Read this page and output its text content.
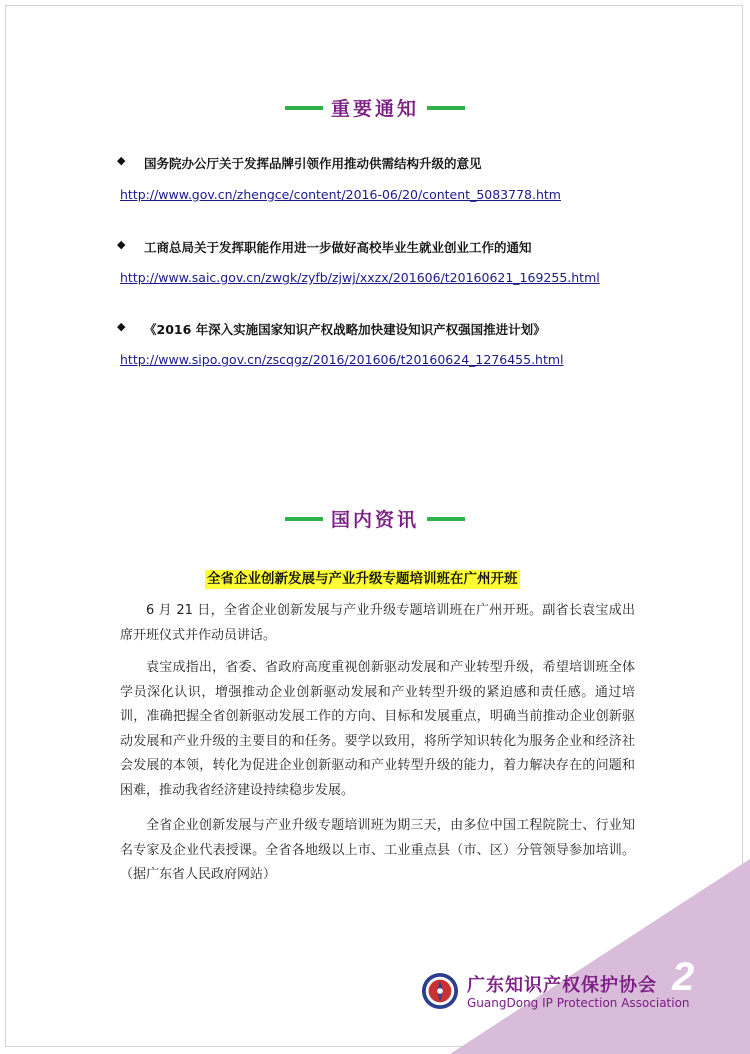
重要通知
◆ 国务院办公厅关于发挥品牌引领作用推动供需结构升级的意见
http://www.gov.cn/zhengce/content/2016-06/20/content_5083778.htm
◆ 工商总局关于发挥职能作用进一步做好高校毕业生就业创业工作的通知
http://www.saic.gov.cn/zwgk/zyfb/zjwj/xxzx/201606/t20160621_169255.html
◆ 《2016 年深入实施国家知识产权战略加快建设知识产权强国推进计划》
http://www.sipo.gov.cn/zscqgz/2016/201606/t20160624_1276455.html
国内资讯
全省企业创新发展与产业升级专题培训班在广州开班

6 月 21 日，全省企业创新发展与产业升级专题培训班在广州开班。副省长袁宝成出席开班仪式并作动员讲话。

袁宝成指出，省委、省政府高度重视创新驱动发展和产业转型升级，希望培训班全体学员深化认识，增强推动企业创新驱动发展和产业转型升级的紧迫感和责任感。通过培训，准确把握全省创新驱动发展工作的方向、目标和发展重点，明确当前推动企业创新驱动发展和产业升级的主要目的和任务。要学以致用，将所学知识转化为服务企业和经济社会发展的本领，转化为促进企业创新驱动和产业转型升级的能力，着力解决存在的问题和困难，推动我省经济建设持续稳步发展。

全省企业创新发展与产业升级专题培训班为期三天，由多位中国工程院院士、行业知名专家及企业代表授课。全省各地级以上市、工业重点县（市、区）分管领导参加培训。（据广东省人民政府网站）

广东知识产权保护协会
GuangDong IP Protection Association
2
